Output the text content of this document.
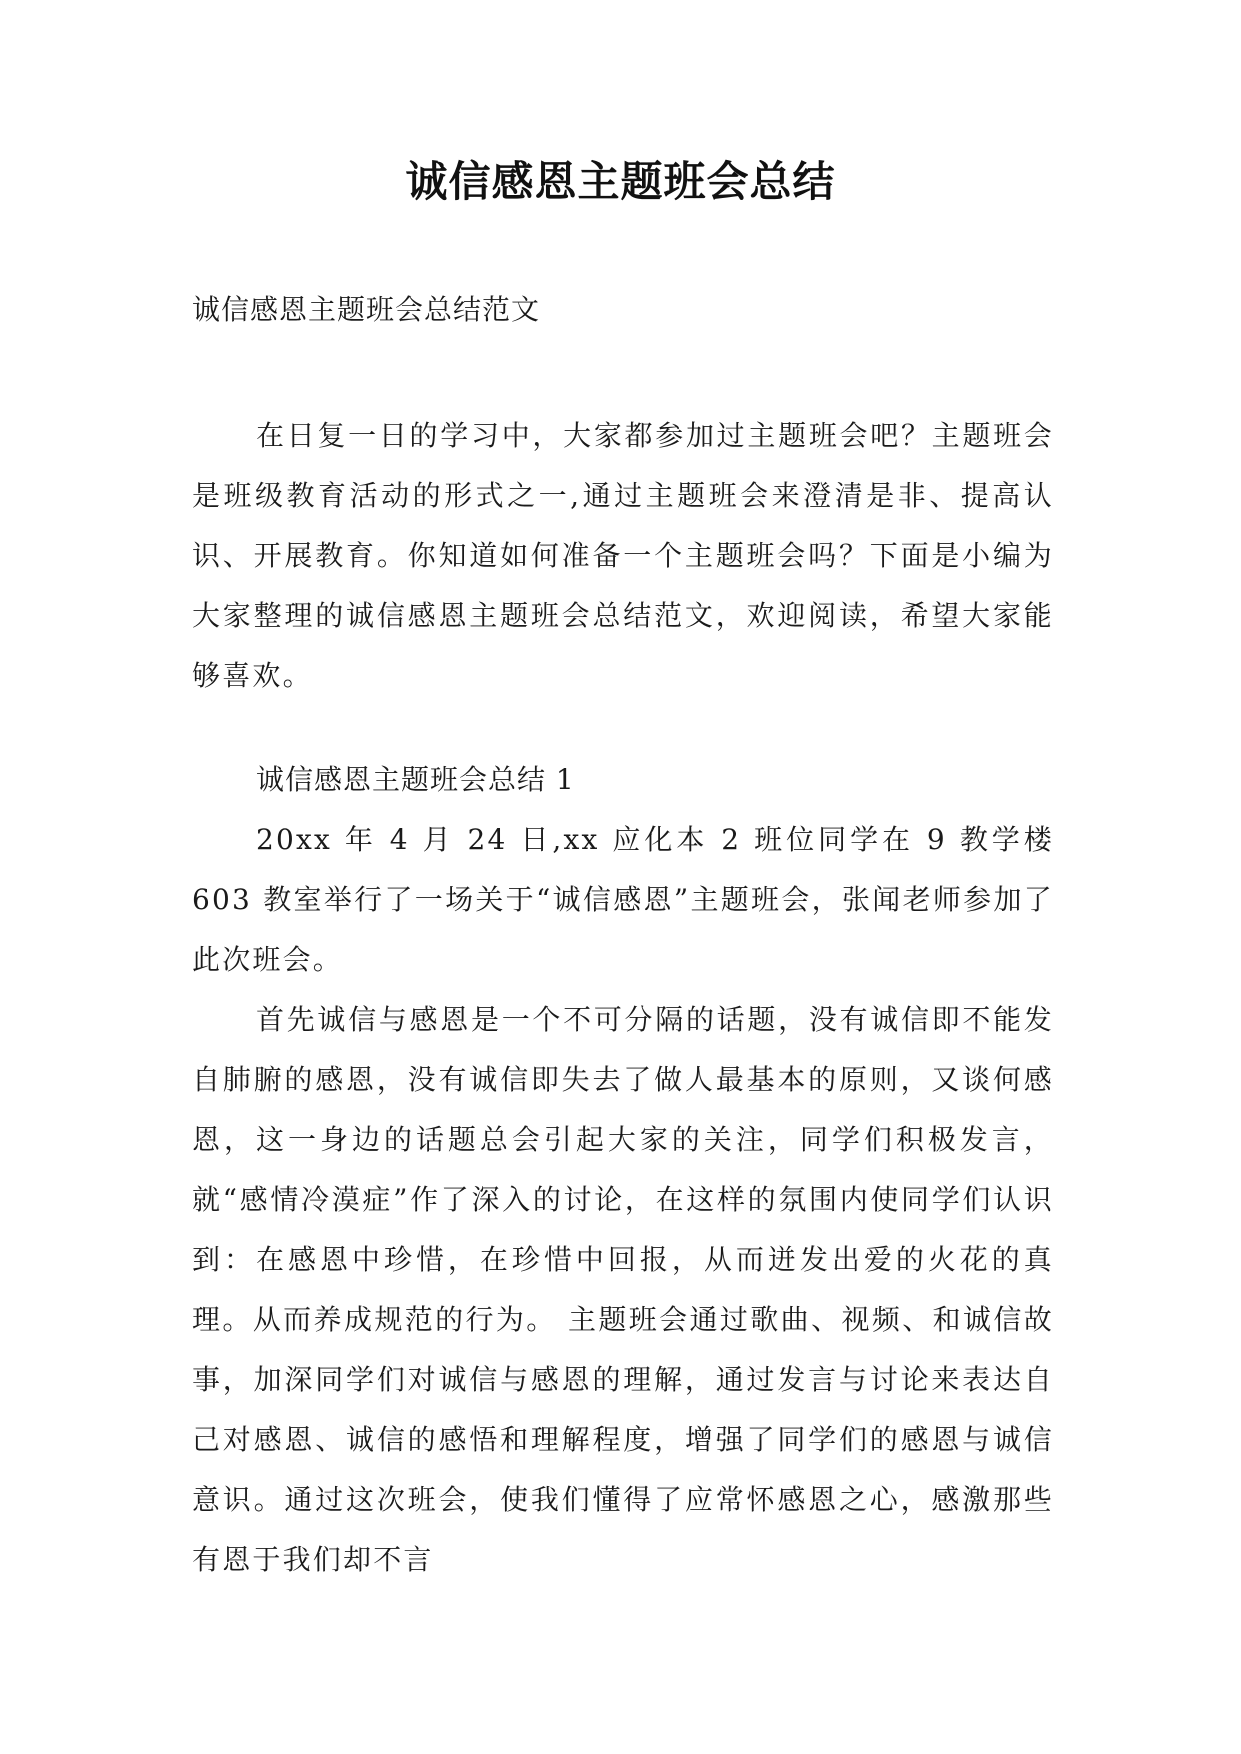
诚信感恩主题班会总结
诚信感恩主题班会总结范文

在日复一日的学习中，大家都参加过主题班会吧？主题班会是班级教育活动的形式之一,通过主题班会来澄清是非、提高认识、开展教育。你知道如何准备一个主题班会吗？下面是小编为大家整理的诚信感恩主题班会总结范文，欢迎阅读，希望大家能够喜欢。

诚信感恩主题班会总结 1

20xx 年 4 月 24 日,xx 应化本 2 班位同学在 9 教学楼 603 教室举行了一场关于“诚信感恩”主题班会，张闻老师参加了此次班会。

首先诚信与感恩是一个不可分隔的话题，没有诚信即不能发自肺腑的感恩，没有诚信即失去了做人最基本的原则，又谈何感恩，这一身边的话题总会引起大家的关注，同学们积极发言，就“感情冷漠症”作了深入的讨论，在这样的氛围内使同学们认识到：在感恩中珍惜，在珍惜中回报，从而迸发出爱的火花的真理。从而养成规范的行为。 主题班会通过歌曲、视频、和诚信故事，加深同学们对诚信与感恩的理解，通过发言与讨论来表达自己对感恩、诚信的感悟和理解程度，增强了同学们的感恩与诚信意识。通过这次班会，使我们懂得了应常怀感恩之心，感激那些有恩于我们却不言
